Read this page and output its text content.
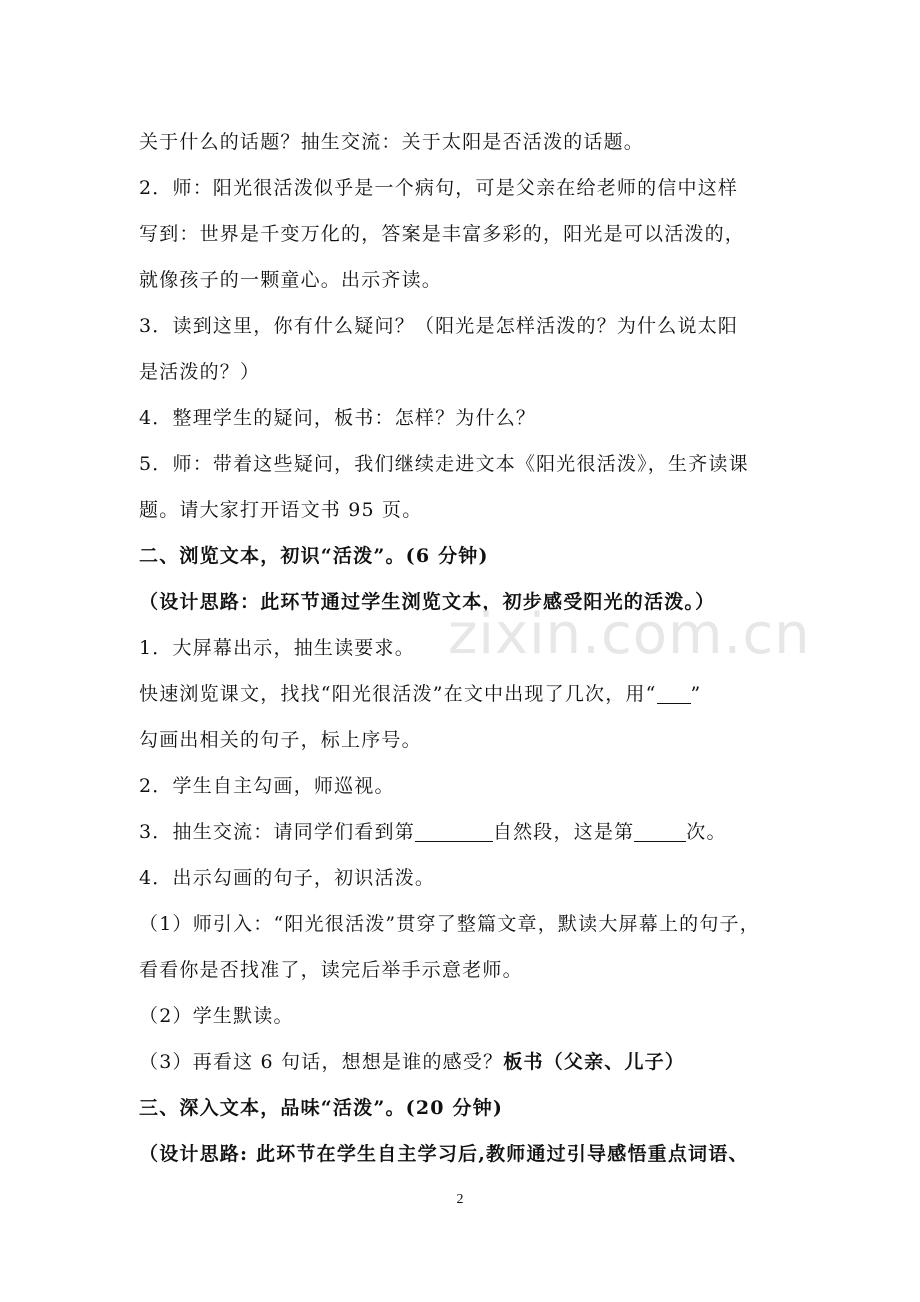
关于什么的话题？抽生交流：关于太阳是否活泼的话题。
2．师：阳光很活泼似乎是一个病句，可是父亲在给老师的信中这样
写到：世界是千变万化的，答案是丰富多彩的，阳光是可以活泼的，
就像孩子的一颗童心。出示齐读。
3．读到这里，你有什么疑问？（阳光是怎样活泼的？为什么说太阳
是活泼的？）
4．整理学生的疑问，板书：怎样？为什么？
5．师：带着这些疑问，我们继续走进文本《阳光很活泼》，生齐读课
题。请大家打开语文书 95 页。
二、浏览文本，初识“活泼”。(6 分钟)
（设计思路：此环节通过学生浏览文本，初步感受阳光的活泼。）
1．大屏幕出示，抽生读要求。
快速浏览课文，找找“阳光很活泼”在文中出现了几次，用“ ”
勾画出相关的句子，标上序号。
2．学生自主勾画，师巡视。
3．抽生交流：请同学们看到第	自然段，这是第	次。
4．出示勾画的句子，初识活泼。
（1）师引入：“阳光很活泼”贯穿了整篇文章，默读大屏幕上的句子，
看看你是否找准了，读完后举手示意老师。
（2）学生默读。
（3）再看这 6 句话，想想是谁的感受？板书（父亲、儿子）
三、深入文本，品味“活泼”。(20 分钟)
（设计思路: 此环节在学生自主学习后,教师通过引导感悟重点词语、
zixin.com.cn
2
